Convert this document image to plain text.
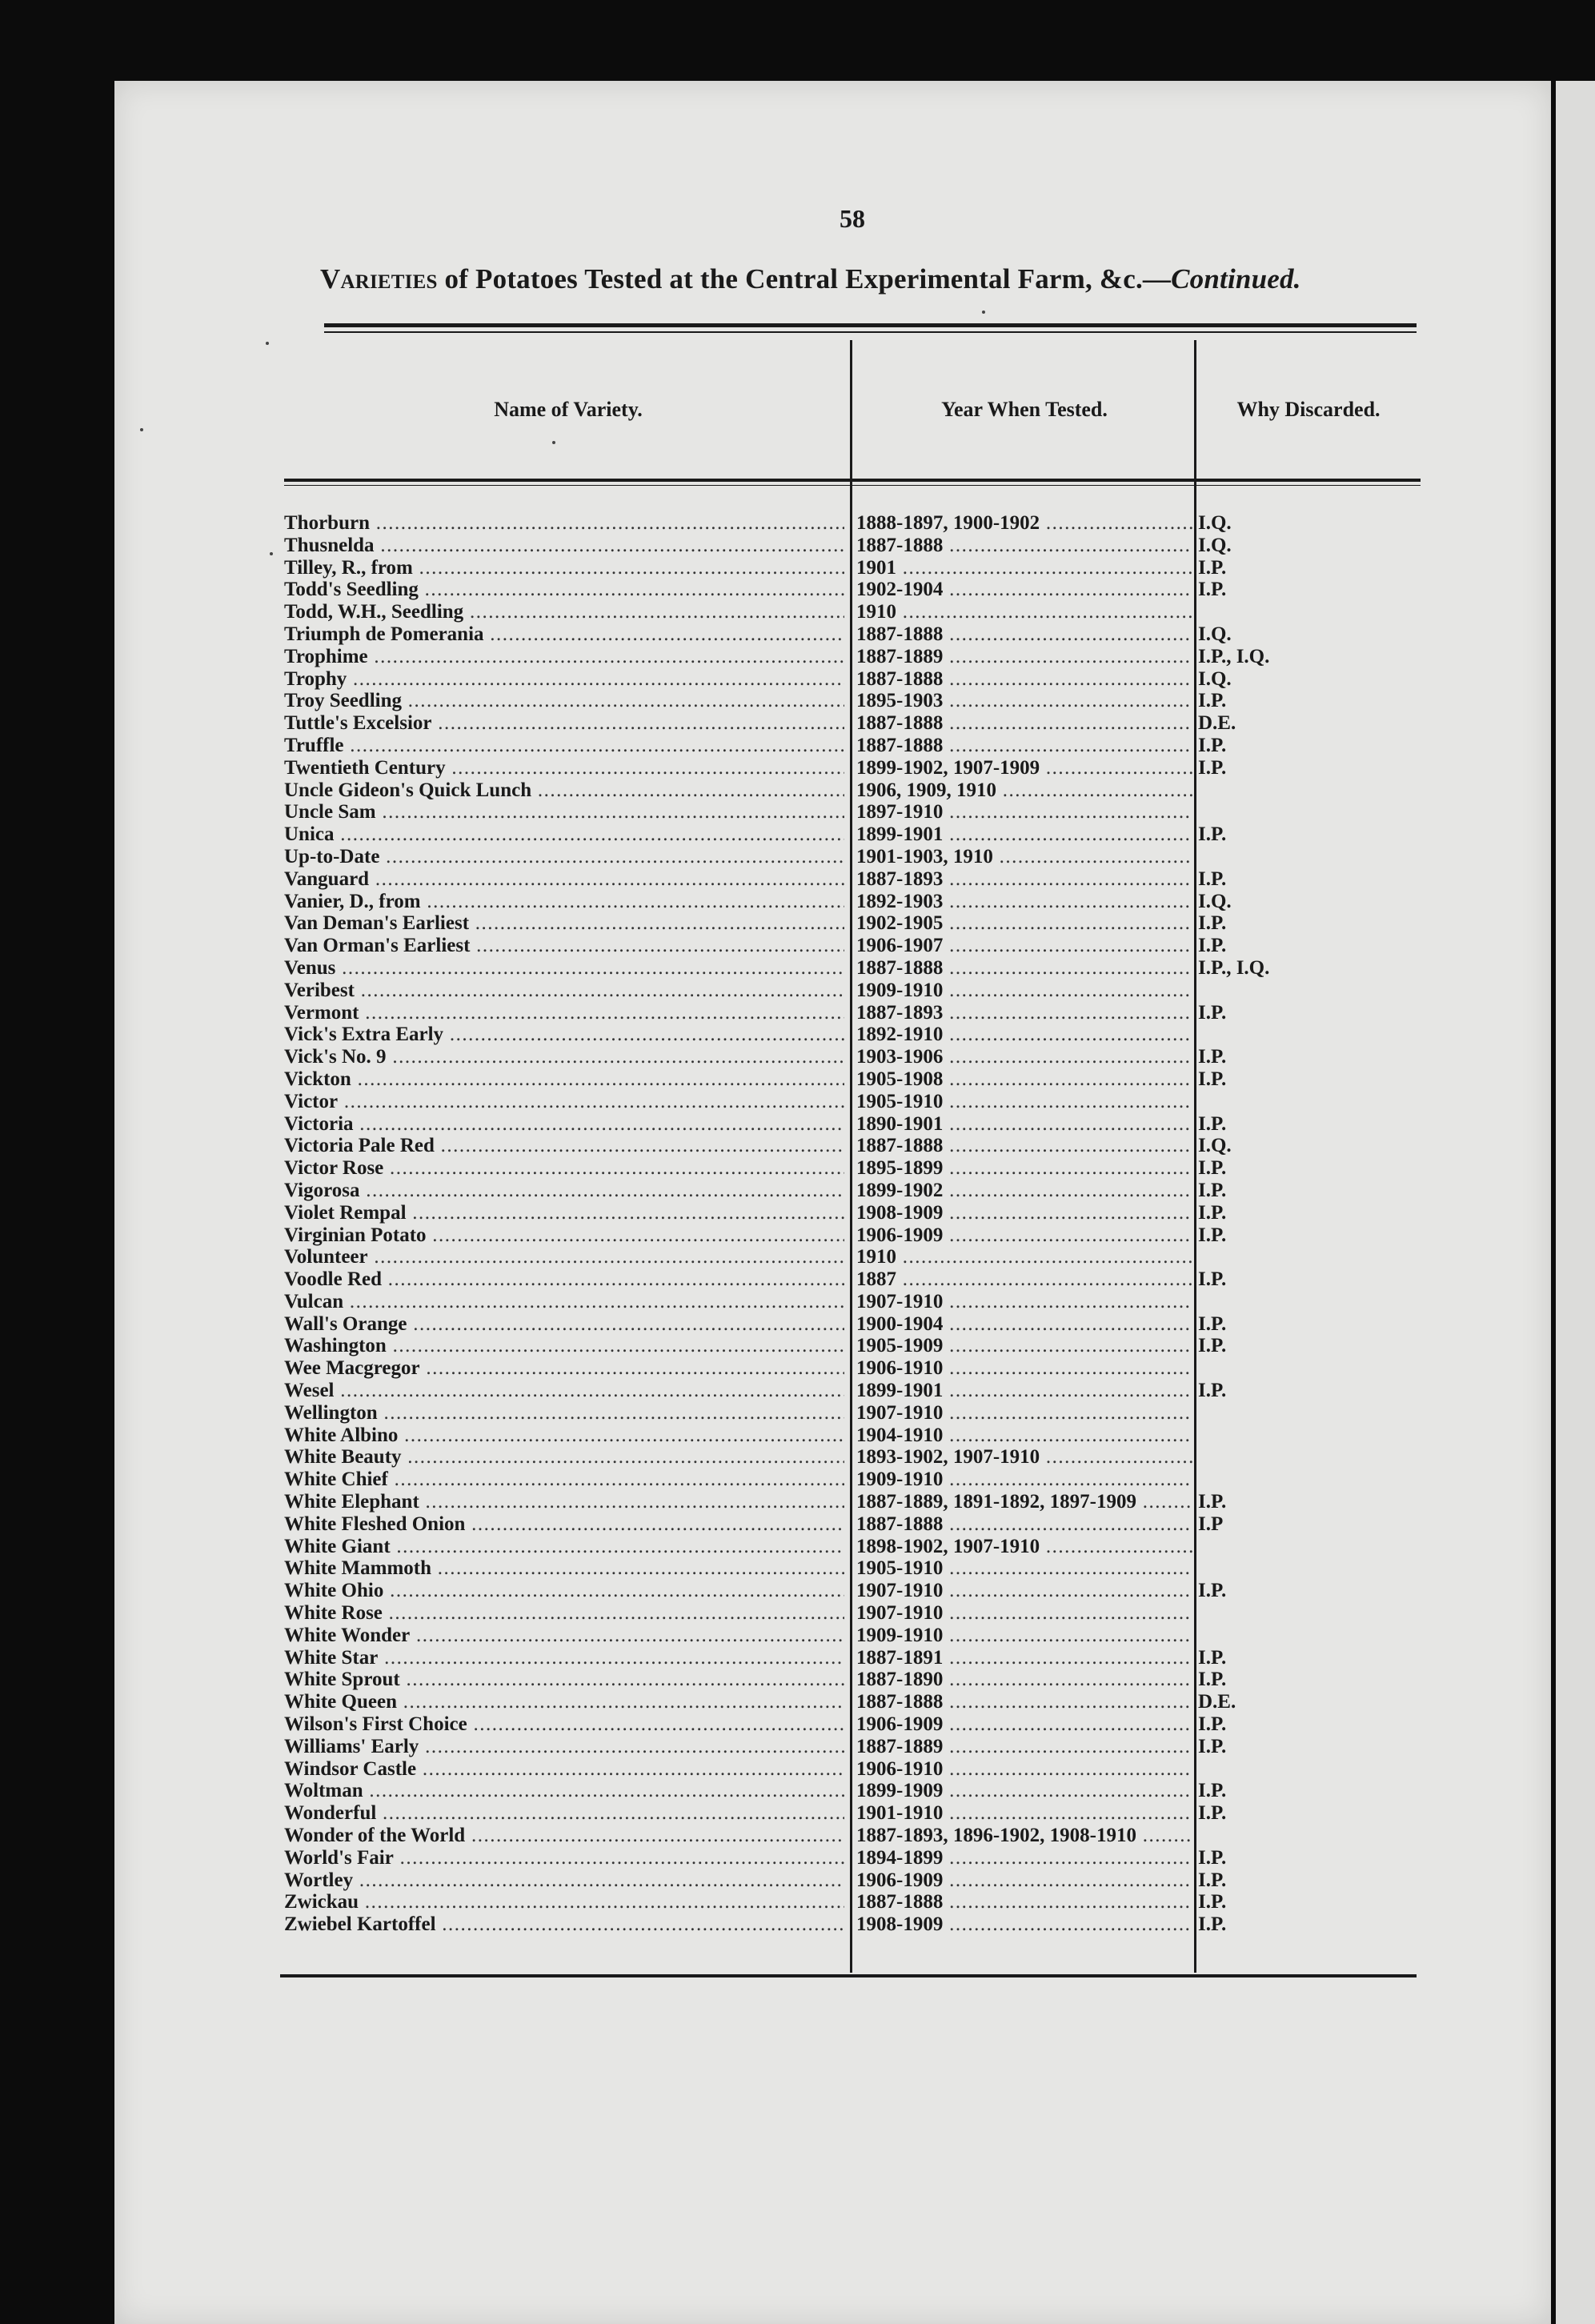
58
Varieties of Potatoes Tested at the Central Experimental Farm, &c.—Continued.
Name of Variety.	Year When Tested.	Why Discarded.
Thorburn .....	1888-1897, 1900-1902 .....	I.Q.
Thusnelda .....	1887-1888 .....	I.Q.
Tilley, R., from .....	1901 .....	I.P.
Todd's Seedling .....	1902-1904 .....	I.P.
Todd, W.H., Seedling .....	1910 .....
Triumph de Pomerania .....	1887-1888 .....	I.Q.
Trophime .....	1887-1889 .....	I.P., I.Q.
Trophy .....	1887-1888 .....	I.Q.
Troy Seedling .....	1895-1903 .....	I.P.
Tuttle's Excelsior .....	1887-1888 .....	D.E.
Truffle .....	1887-1888 .....	I.P.
Twentieth Century .....	1899-1902, 1907-1909 .....	I.P.
Uncle Gideon's Quick Lunch .....	1906, 1909, 1910 .....
Uncle Sam .....	1897-1910 .....
Unica .....	1899-1901 .....	I.P.
Up-to-Date .....	1901-1903, 1910 .....
Vanguard .....	1887-1893 .....	I.P.
Vanier, D., from .....	1892-1903 .....	I.Q.
Van Deman's Earliest .....	1902-1905 .....	I.P.
Van Orman's Earliest .....	1906-1907 .....	I.P.
Venus .....	1887-1888 .....	I.P., I.Q.
Veribest .....	1909-1910 .....
Vermont .....	1887-1893 .....	I.P.
Vick's Extra Early .....	1892-1910 .....
Vick's No. 9 .....	1903-1906 .....	I.P.
Vickton .....	1905-1908 .....	I.P.
Victor .....	1905-1910 .....
Victoria .....	1890-1901 .....	I.P.
Victoria Pale Red .....	1887-1888 .....	I.Q.
Victor Rose .....	1895-1899 .....	I.P.
Vigorosa .....	1899-1902 .....	I.P.
Violet Rempal .....	1908-1909 .....	I.P.
Virginian Potato .....	1906-1909 .....	I.P.
Volunteer .....	1910 .....
Voodle Red .....	1887 .....	I.P.
Vulcan .....	1907-1910 .....
Wall's Orange .....	1900-1904 .....	I.P.
Washington .....	1905-1909 .....	I.P.
Wee Macgregor .....	1906-1910 .....
Wesel .....	1899-1901 .....	I.P.
Wellington .....	1907-1910 .....
White Albino .....	1904-1910 .....
White Beauty .....	1893-1902, 1907-1910 .....
White Chief .....	1909-1910 .....
White Elephant .....	1887-1889, 1891-1892, 1897-1909 .....	I.P.
White Fleshed Onion .....	1887-1888 .....	I.P
White Giant .....	1898-1902, 1907-1910 .....
White Mammoth .....	1905-1910 .....
White Ohio .....	1907-1910 .....	I.P.
White Rose .....	1907-1910 .....
White Wonder .....	1909-1910 .....
White Star .....	1887-1891 .....	I.P.
White Sprout .....	1887-1890 .....	I.P.
White Queen .....	1887-1888 .....	D.E.
Wilson's First Choice .....	1906-1909 .....	I.P.
Williams' Early .....	1887-1889 .....	I.P.
Windsor Castle .....	1906-1910 .....
Woltman .....	1899-1909 .....	I.P.
Wonderful .....	1901-1910 .....	I.P.
Wonder of the World .....	1887-1893, 1896-1902, 1908-1910 .....
World's Fair .....	1894-1899 .....	I.P.
Wortley .....	1906-1909 .....	I.P.
Zwickau .....	1887-1888 .....	I.P.
Zwiebel Kartoffel .....	1908-1909 .....	I.P.
